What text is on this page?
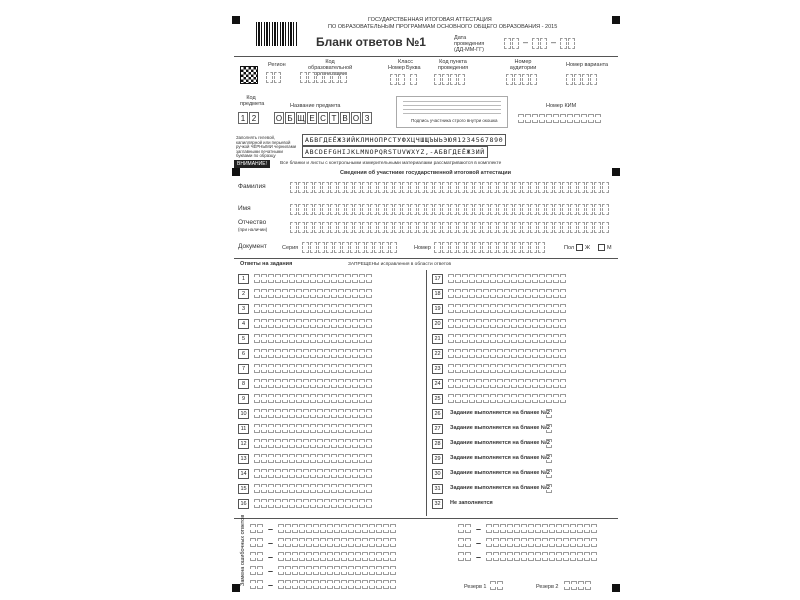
ГОСУДАРСТВЕННАЯ ИТОГОВАЯ АТТЕСТАЦИЯ
ПО ОБРАЗОВАТЕЛЬНЫМ ПРОГРАММАМ ОСНОВНОГО ОБЩЕГО ОБРАЗОВАНИЯ - 2015
Бланк ответов №1	Дата проведения (ДД-ММ-ГГ)
–	–
Регион	Код образовательной организации
Класс
Номер Буква
Код пункта проведения
Номер аудитории	Номер варианта
Код предмета
1 2
Название предмета
О Б Щ Е С Т В О З	Подпись участника строго внутри окошка
Номер КИМ
Заполнять гелевой, капиллярной или перьевой ручкой ЧЁРНЫМИ чернилами заглавными печатными буквами по образцу
АБВГДЕЁЖЗИЙКЛМНОПРСТУФХЦЧШЩЪЫЬЭЮЯ1234567890
ABCDEFGHIJKLMNOPQRSTUVWXYZ,-АБВГДЕЁЖЗИЙ
ВНИМАНИЕ!	Все бланки и листы с контрольными измерительными материалами рассматриваются в комплекте
Сведения об участнике государственной итоговой аттестации
Фамилия
Имя
Отчество
(при наличии)
Документ	Серия	Номер	Пол Ж	М
Ответы на задания	ЗАПРЕЩЕНЫ исправления в области ответов
Замена ошибочных ответов
Резерв 1	Резерв 2
1
2
3
4
5
6
7
8
9
10
11
12
13
14
15
16
17
18
19
20
21
22
23
24
25
26	Задание выполняется на бланке №2
27	Задание выполняется на бланке №2
28	Задание выполняется на бланке №2
29	Задание выполняется на бланке №2
30	Задание выполняется на бланке №2
31	Задание выполняется на бланке №2
32	Не заполняется
–	–
–	–
–	–
–
–
